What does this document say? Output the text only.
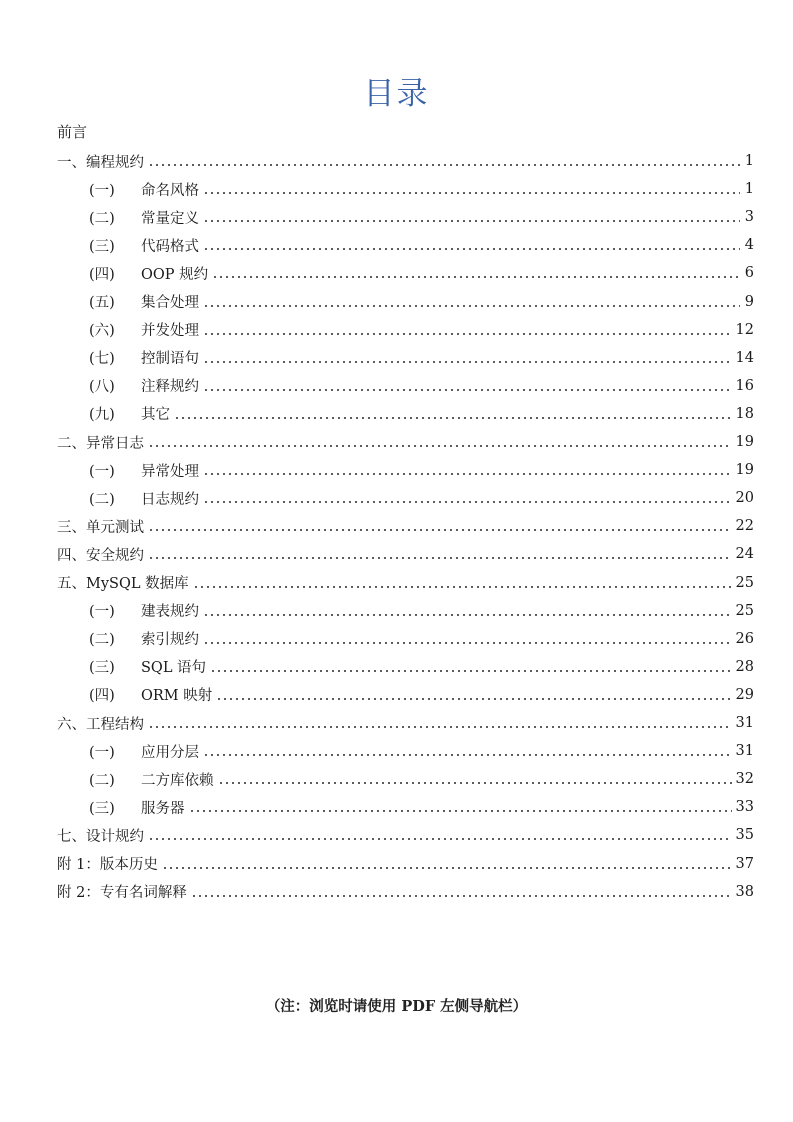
目录
前言
一、编程规约	1
(一)	命名风格	1
(二)	常量定义	3
(三)	代码格式	4
(四)	OOP 规约	6
(五)	集合处理	9
(六)	并发处理	12
(七)	控制语句	14
(八)	注释规约	16
(九)	其它	18
二、异常日志	19
(一)	异常处理	19
(二)	日志规约	20
三、单元测试	22
四、安全规约	24
五、MySQL 数据库	25
(一)	建表规约	25
(二)	索引规约	26
(三)	SQL 语句	28
(四)	ORM 映射	29
六、工程结构	31
(一)	应用分层	31
(二)	二方库依赖	32
(三)	服务器	33
七、设计规约	35
附 1：版本历史	37
附 2：专有名词解释	38
（注：浏览时请使用 PDF 左侧导航栏）
